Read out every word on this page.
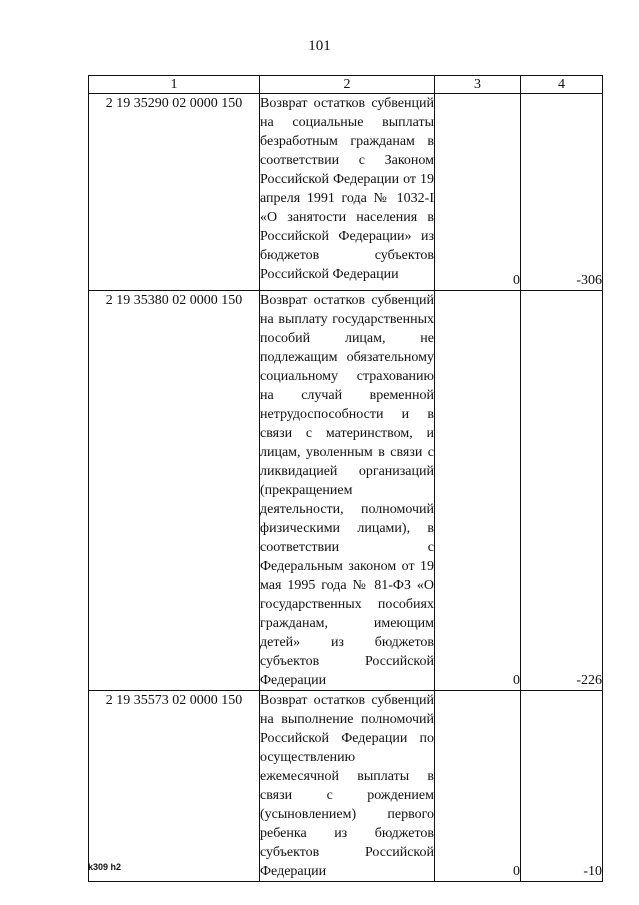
101
1	2	3	4
2 19 35290 02 0000 150	Возврат остатков субвенций на социальные выплаты безработным гражданам в соответствии с Законом Российской Федерации от 19 апреля 1991 года № 1032-I «О занятости населения в Российской Федерации» из бюджетов субъектов Российской Федерации	0	-306
2 19 35380 02 0000 150	Возврат остатков субвенций на выплату государственных пособий лицам, не подлежащим обязательному социальному страхованию на случай временной нетрудоспособности и в связи с материнством, и лицам, уволенным в связи с ликвидацией организаций (прекращением деятельности, полномочий физическими лицами), в соответствии с Федеральным законом от 19 мая 1995 года № 81-ФЗ «О государственных пособиях гражданам, имеющим детей» из бюджетов субъектов Российской Федерации	0	-226
2 19 35573 02 0000 150	Возврат остатков субвенций на выполнение полномочий Российской Федерации по осуществлению ежемесячной выплаты в связи с рождением (усыновлением) первого ребенка из бюджетов субъектов Российской Федерации	0	-10
k309 h2
